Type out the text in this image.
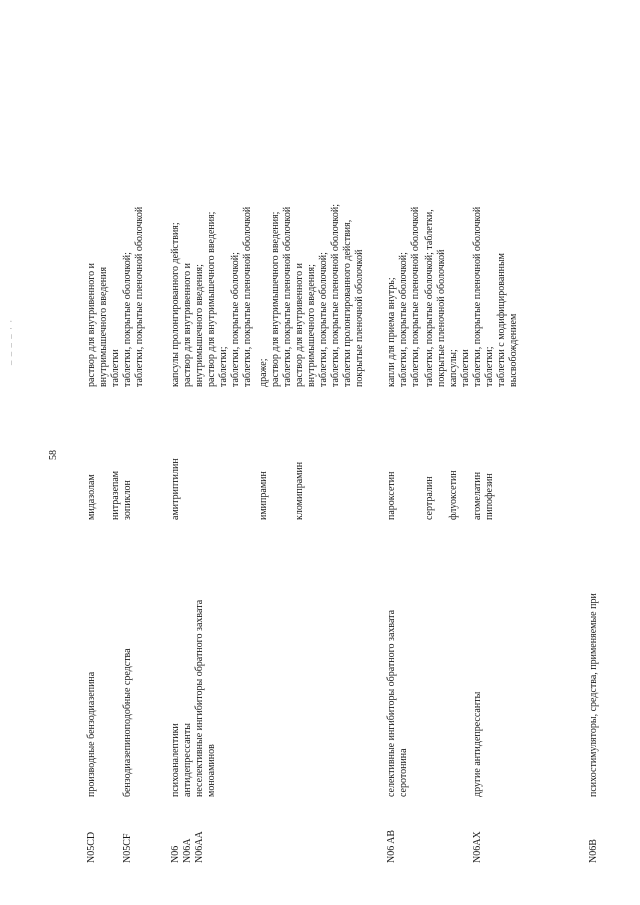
– – – – · ·
58
N05CD
производные бензодиазепина
мидазолам
раствор для внутривенного и внутримышечного введения
нитразепам
таблетки
N05CF
бензодиазепиноподобные средства
зопиклон
таблетки, покрытые оболочкой; таблетки, покрытые пленочной оболочкой
N06 N06A N06AA
психоаналептики антидепрессанты неселективные ингибиторы обратного захвата моноаминов
амитриптилин
капсулы пролонгированного действия; раствор для внутривенного и внутримышечного введения; раствор для внутримышечного введения; таблетки; таблетки, покрытые оболочкой; таблетки, покрытые пленочной оболочкой
имипрамин
драже; раствор для внутримышечного введения; таблетки, покрытые пленочной оболочкой
кломипрамин
раствор для внутривенного и внутримышечного введения; таблетки, покрытые оболочкой; таблетки, покрытые пленочной оболочкой; таблетки пролонгированного действия, покрытые пленочной оболочкой
N06 AB
селективные ингибиторы обратного захвата серотонина
пароксетин
капли для приема внутрь; таблетки, покрытые оболочкой; таблетки, покрытые пленочной оболочкой
сертралин
таблетки, покрытые оболочкой; таблетки, покрытые пленочной оболочкой
флуоксетин
капсулы; таблетки
N06AX
другие антидепрессанты
агомелатин
таблетки, покрытые пленочной оболочкой
пипофезин
таблетки; таблетки с модифицированным высвобождением
N06B
психостимуляторы, средства, применяемые при
